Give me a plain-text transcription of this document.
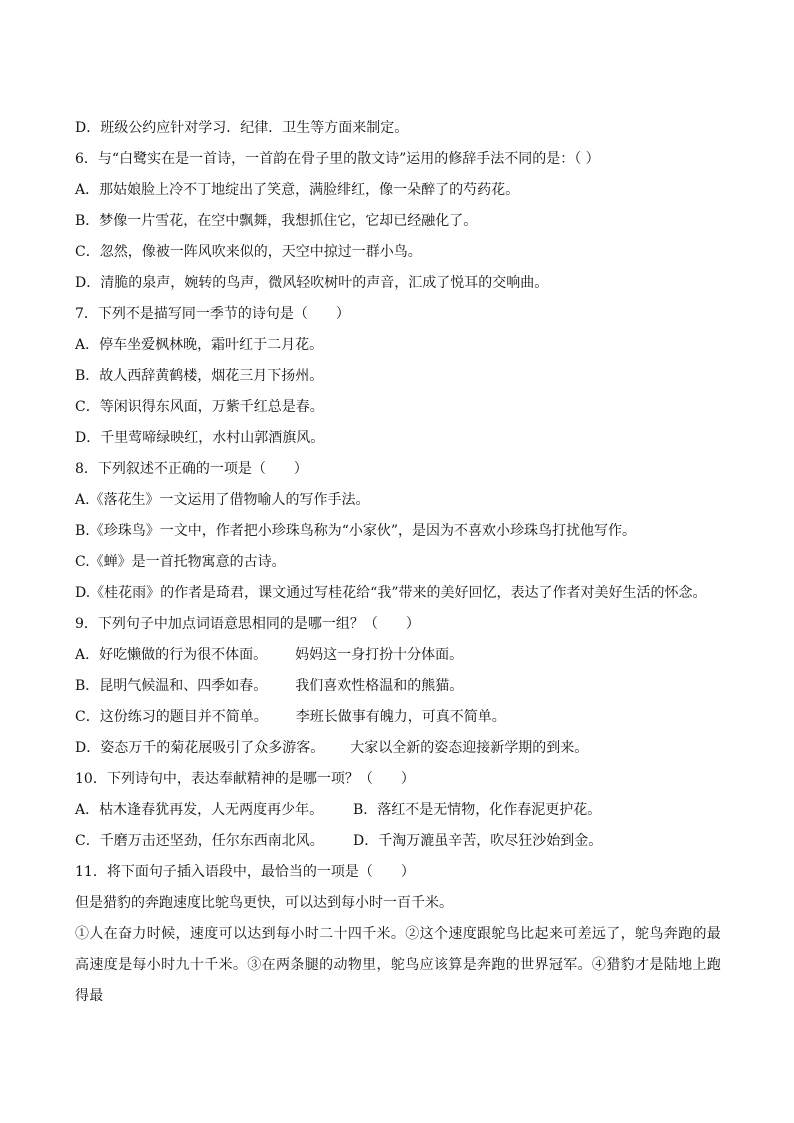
D．班级公约应针对学习．纪律．卫生等方面来制定。
6．与“白鹭实在是一首诗，一首韵在骨子里的散文诗”运用的修辞手法不同的是：（ ）
A．那姑娘脸上冷不丁地绽出了笑意，满脸绯红，像一朵醉了的芍药花。
B．梦像一片雪花，在空中飘舞，我想抓住它，它却已经融化了。
C．忽然，像被一阵风吹来似的，天空中掠过一群小鸟。
D．清脆的泉声，婉转的鸟声，微风轻吹树叶的声音，汇成了悦耳的交响曲。
7．下列不是描写同一季节的诗句是（　　）
A．停车坐爱枫林晚，霜叶红于二月花。
B．故人西辞黄鹤楼，烟花三月下扬州。
C．等闲识得东风面，万紫千红总是春。
D．千里莺啼绿映红，水村山郭酒旗风。
8．下列叙述不正确的一项是（　　）
A.《落花生》一文运用了借物喻人的写作手法。
B.《珍珠鸟》一文中，作者把小珍珠鸟称为“小家伙”，是因为不喜欢小珍珠鸟打扰他写作。
C.《蝉》是一首托物寓意的古诗。
D.《桂花雨》的作者是琦君，课文通过写桂花给“我”带来的美好回忆，表达了作者对美好生活的怀念。
9．下列句子中加点词语意思相同的是哪一组？（　　）
A．好吃懒做的行为很不体面。 妈妈这一身打扮十分体面。
B．昆明气候温和、四季如春。 我们喜欢性格温和的熊猫。
C．这份练习的题目并不简单。 李班长做事有魄力，可真不简单。
D．姿态万千的菊花展吸引了众多游客。 大家以全新的姿态迎接新学期的到来。
10．下列诗句中，表达奉献精神的是哪一项？（　　）
A．枯木逢春犹再发，人无两度再少年。 B．落红不是无情物，化作春泥更护花。
C．千磨万击还坚劲，任尔东西南北风。 D．千淘万漉虽辛苦，吹尽狂沙始到金。
11．将下面句子插入语段中，最恰当的一项是（　　）
但是猎豹的奔跑速度比鸵鸟更快，可以达到每小时一百千米。
①人在奋力时候，速度可以达到每小时二十四千米。②这个速度跟鸵鸟比起来可差远了，鸵鸟奔跑的最高速度是每小时九十千米。③在两条腿的动物里，鸵鸟应该算是奔跑的世界冠军。④猎豹才是陆地上跑得最
